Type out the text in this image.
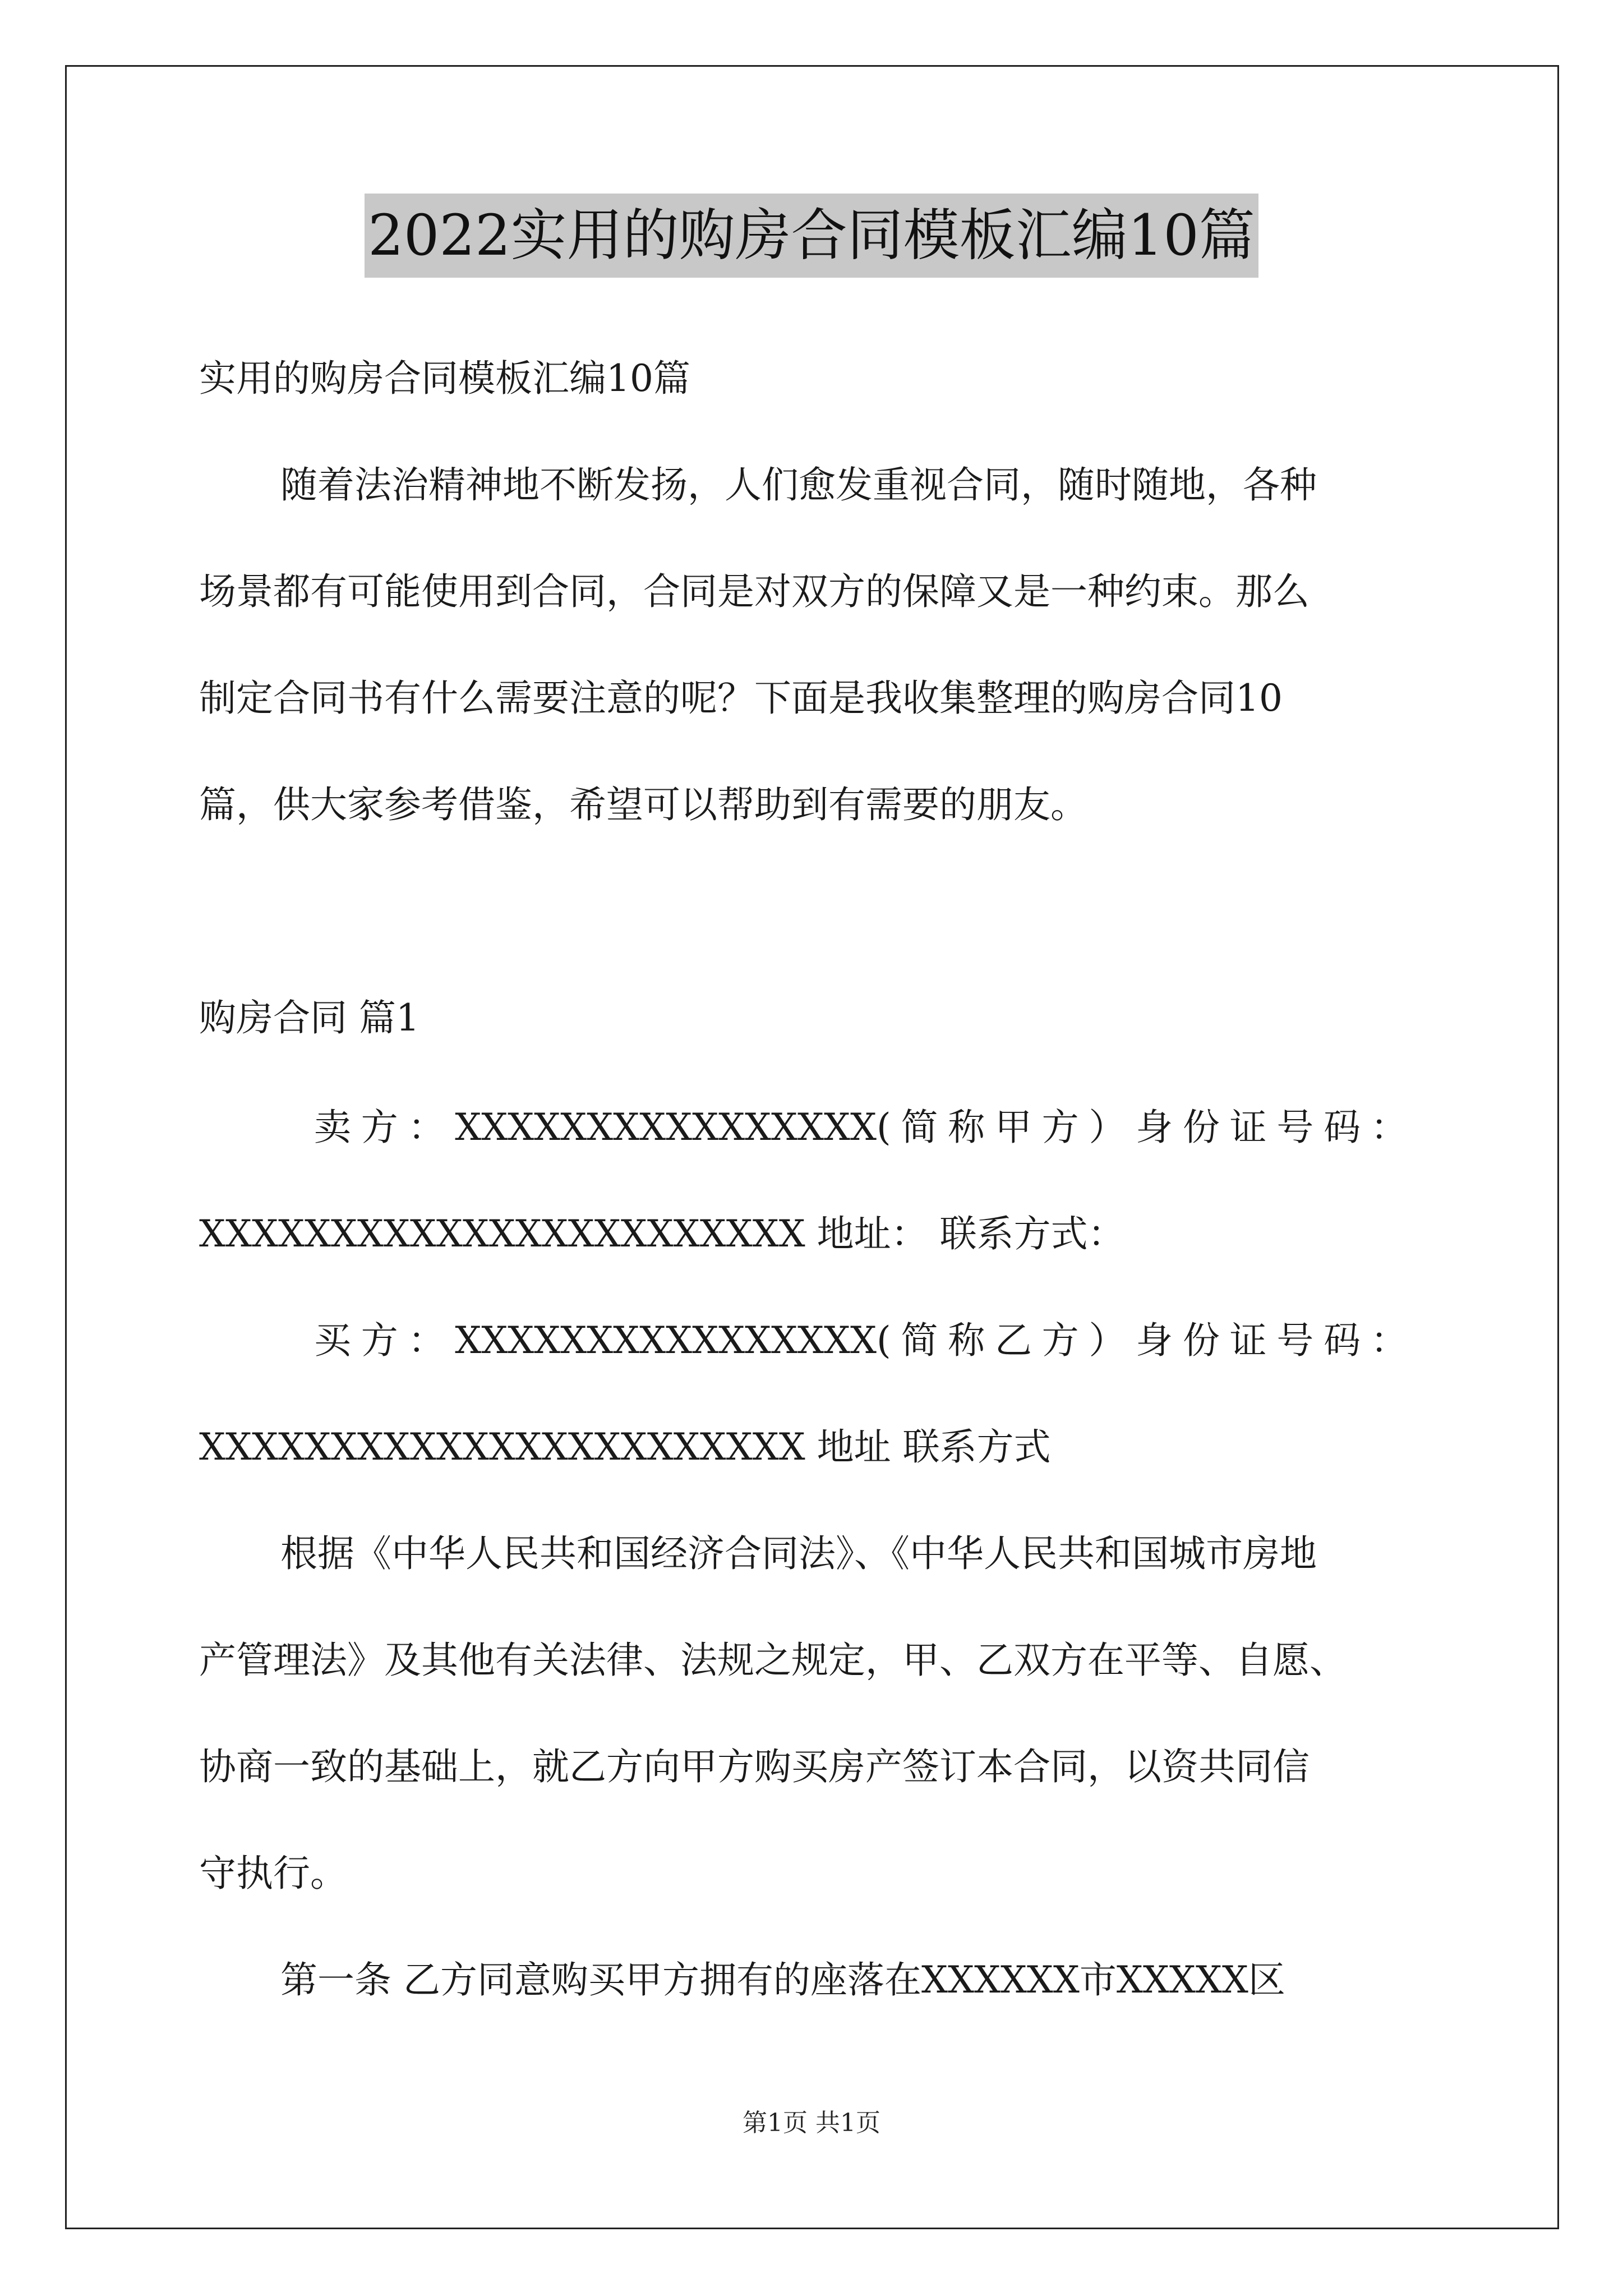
2022实用的购房合同模板汇编10篇
实用的购房合同模板汇编10篇
随着法治精神地不断发扬，人们愈发重视合同，随时随地，各种
场景都有可能使用到合同，合同是对双方的保障又是一种约束。那么
制定合同书有什么需要注意的呢？下面是我收集整理的购房合同10
篇，供大家参考借鉴，希望可以帮助到有需要的朋友。
购房合同 篇1
卖 方 ： XXXXXXXXXXXXXXXX( 简 称 甲 方 ） 身 份 证 号 码 ：
XXXXXXXXXXXXXXXXXXXXXXX 地址： 联系方式：
买 方 ： XXXXXXXXXXXXXXXX( 简 称 乙 方 ） 身 份 证 号 码 ：
XXXXXXXXXXXXXXXXXXXXXXX 地址 联系方式
根据《中华人民共和国经济合同法》、《中华人民共和国城市房地
产管理法》及其他有关法律、法规之规定，甲、乙双方在平等、自愿、
协商一致的基础上，就乙方向甲方购买房产签订本合同，以资共同信
守执行。
第一条 乙方同意购买甲方拥有的座落在XXXXXX市XXXXX区
第1页 共1页
